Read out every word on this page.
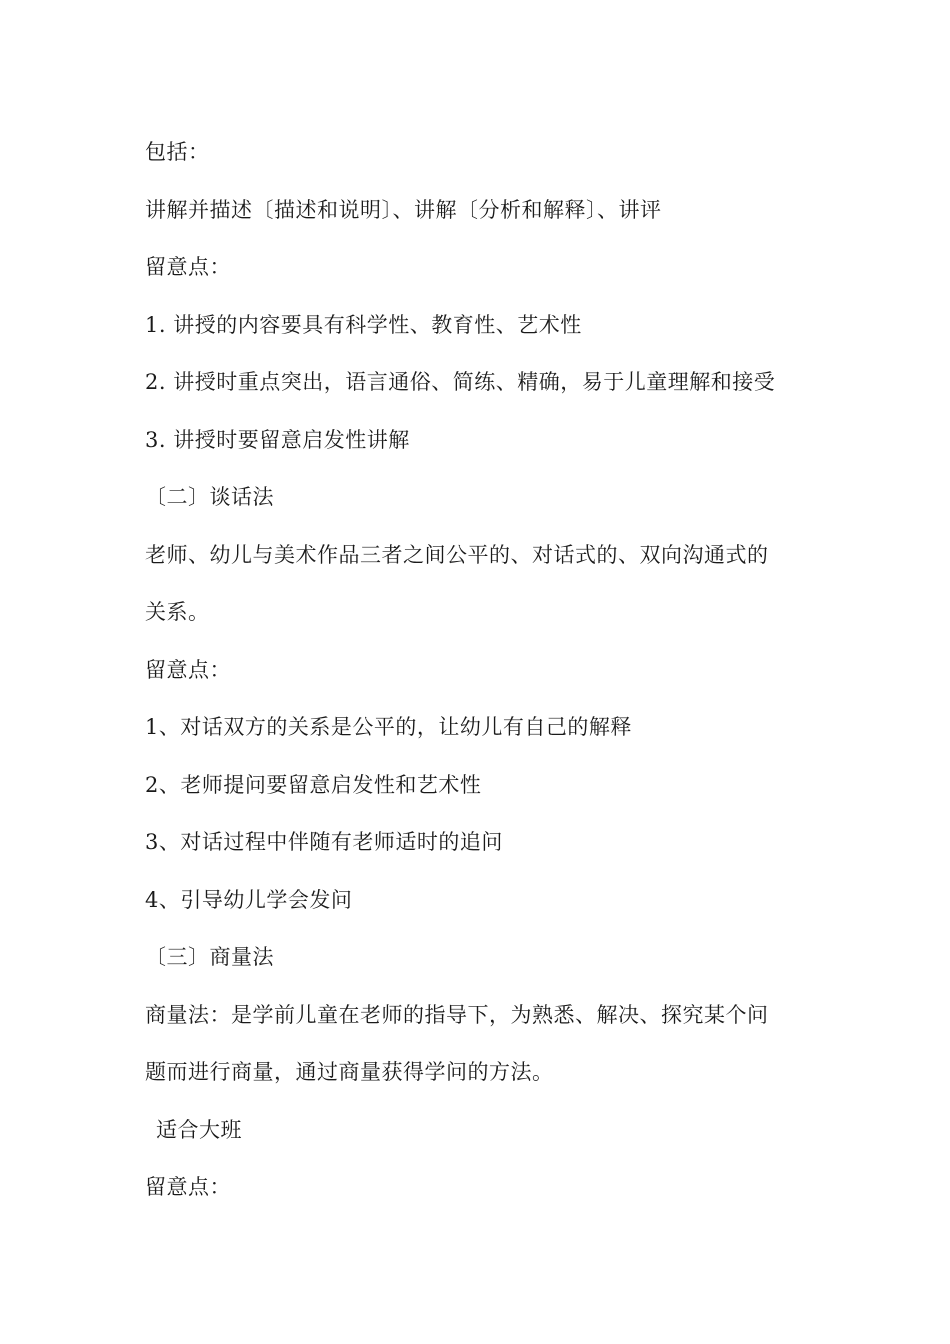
包括：
讲解并描述〔描述和说明〕、讲解〔分析和解释〕、讲评
留意点：
1. 讲授的内容要具有科学性、教育性、艺术性
2. 讲授时重点突出，语言通俗、简练、精确，易于儿童理解和接受
3. 讲授时要留意启发性讲解
〔二〕谈话法
老师、幼儿与美术作品三者之间公平的、对话式的、双向沟通式的
关系。
留意点：
1、对话双方的关系是公平的，让幼儿有自己的解释
2、老师提问要留意启发性和艺术性
3、对话过程中伴随有老师适时的追问
4、引导幼儿学会发问
〔三〕商量法
商量法：是学前儿童在老师的指导下，为熟悉、解决、探究某个问
题而进行商量，通过商量获得学问的方法。
适合大班
留意点：
